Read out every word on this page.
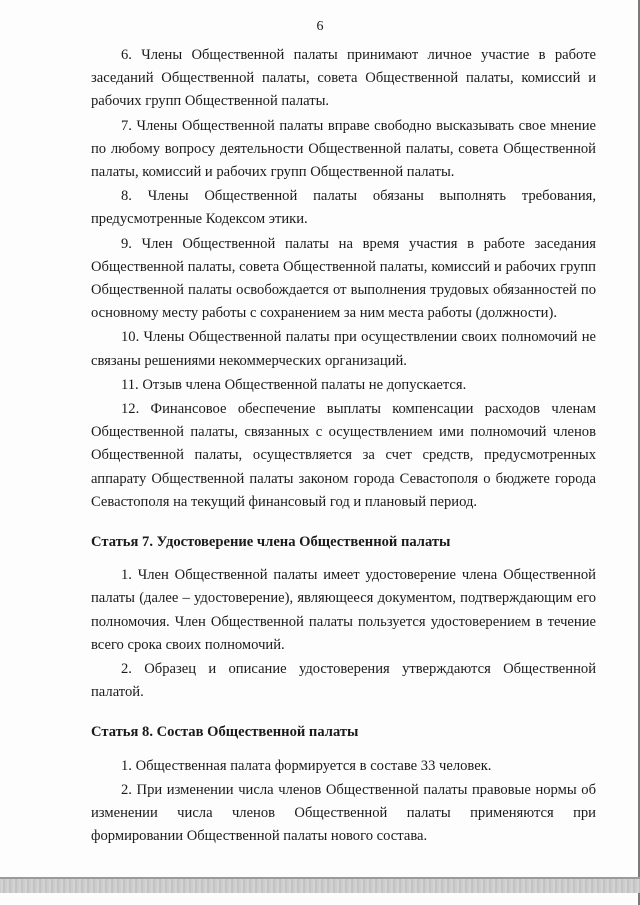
6

6. Члены Общественной палаты принимают личное участие в работе заседаний Общественной палаты, совета Общественной палаты, комиссий и рабочих групп Общественной палаты.

7. Члены Общественной палаты вправе свободно высказывать свое мнение по любому вопросу деятельности Общественной палаты, совета Общественной палаты, комиссий и рабочих групп Общественной палаты.

8. Члены Общественной палаты обязаны выполнять требования, предусмотренные Кодексом этики.

9. Член Общественной палаты на время участия в работе заседания Общественной палаты, совета Общественной палаты, комиссий и рабочих групп Общественной палаты освобождается от выполнения трудовых обязанностей по основному месту работы с сохранением за ним места работы (должности).

10. Члены Общественной палаты при осуществлении своих полномочий не связаны решениями некоммерческих организаций.

11. Отзыв члена Общественной палаты не допускается.

12. Финансовое обеспечение выплаты компенсации расходов членам Общественной палаты, связанных с осуществлением ими полномочий членов Общественной палаты, осуществляется за счет средств, предусмотренных аппарату Общественной палаты законом города Севастополя о бюджете города Севастополя на текущий финансовый год и плановый период.

Статья 7. Удостоверение члена Общественной палаты

1. Член Общественной палаты имеет удостоверение члена Общественной палаты (далее – удостоверение), являющееся документом, подтверждающим его полномочия. Член Общественной палаты пользуется удостоверением в течение всего срока своих полномочий.

2. Образец и описание удостоверения утверждаются Общественной палатой.

Статья 8. Состав Общественной палаты

1. Общественная палата формируется в составе 33 человек.

2. При изменении числа членов Общественной палаты правовые нормы об изменении числа членов Общественной палаты применяются при формировании Общественной палаты нового состава.
